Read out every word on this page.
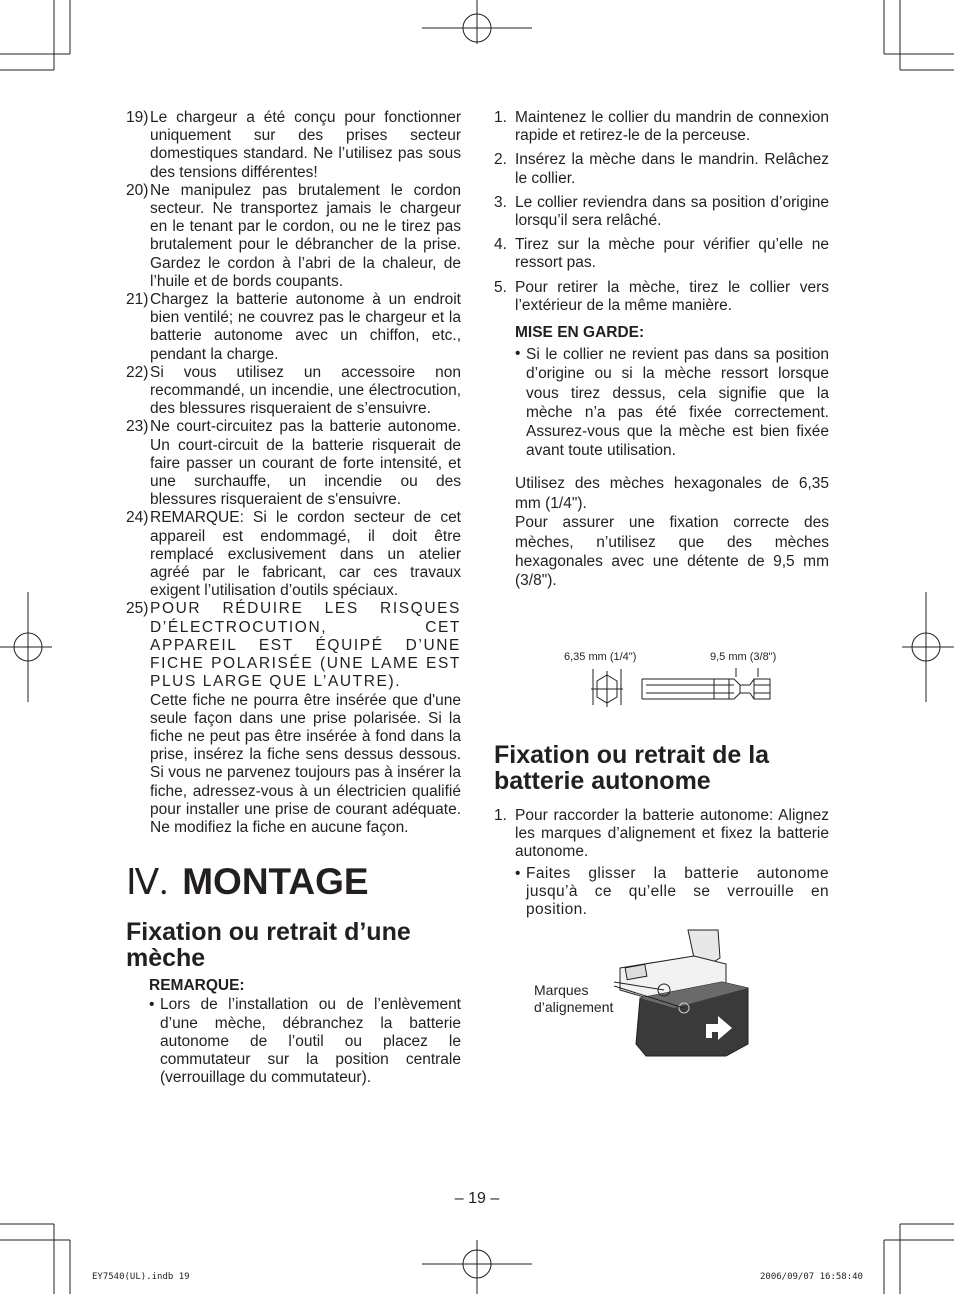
19) Le chargeur a été conçu pour fonctionner uniquement sur des prises secteur domestiques standard. Ne l’utilisez pas sous des tensions différentes!
20) Ne manipulez pas brutalement le cordon secteur. Ne transportez jamais le chargeur en le tenant par le cordon, ou ne le tirez pas brutalement pour le débrancher de la prise. Gardez le cordon à l’abri de la chaleur, de l’huile et de bords coupants.
21) Chargez la batterie autonome à un endroit bien ventilé; ne couvrez pas le chargeur et la batterie autonome avec un chiffon, etc., pendant la charge.
22) Si vous utilisez un accessoire non recommandé, un incendie, une électrocution, des blessures risqueraient de s’ensuivre.
23) Ne court-circuitez pas la batterie autonome. Un court-circuit de la batterie risquerait de faire passer un courant de forte intensité, et une surchauffe, un incendie ou des blessures risqueraient de s'ensuivre.
24) REMARQUE: Si le cordon secteur de cet appareil est endommagé, il doit être remplacé exclusivement dans un atelier agréé par le fabricant, car ces travaux exigent l’utilisation d’outils spéciaux.
25) POUR RÉDUIRE LES RISQUES D’ÉLECTROCUTION, CET APPAREIL EST ÉQUIPÉ D’UNE FICHE POLARISÉE (UNE LAME EST PLUS LARGE QUE L’AUTRE).
Cette fiche ne pourra être insérée que d'une seule façon dans une prise polarisée. Si la fiche ne peut pas être insérée à fond dans la prise, insérez la fiche sens dessus dessous. Si vous ne parvenez toujours pas à insérer la fiche, adressez-vous à un électricien qualifié pour installer une prise de courant adéquate. Ne modifiez la fiche en aucune façon.
Ⅳ. MONTAGE
Fixation ou retrait d’une mèche
REMARQUE:
• Lors de l’installation ou de l’enlèvement d’une mèche, débranchez la batterie autonome de l’outil ou placez le commutateur sur la position centrale (verrouillage du commutateur).
1. Maintenez le collier du mandrin de connexion rapide et retirez-le de la perceuse.
2. Insérez la mèche dans le mandrin. Relâchez le collier.
3. Le collier reviendra dans sa position d’origine lorsqu’il sera relâché.
4. Tirez sur la mèche pour vérifier qu’elle ne ressort pas.
5. Pour retirer la mèche, tirez le collier vers l’extérieur de la même manière.
MISE EN GARDE:
• Si le collier ne revient pas dans sa position d’origine ou si la mèche ressort lorsque vous tirez dessus, cela signifie que la mèche n’a pas été fixée correctement. Assurez-vous que la mèche est bien fixée avant toute utilisation.
Utilisez des mèches hexagonales de 6,35 mm (1/4").
Pour assurer une fixation correcte des mèches, n’utilisez que des mèches hexagonales avec une détente de 9,5 mm (3/8").
6,35 mm (1/4")	9,5 mm (3/8")
Fixation ou retrait de la batterie autonome
1. Pour raccorder la batterie autonome: Alignez les marques d’alignement et fixez la batterie autonome.
• Faites glisser la batterie autonome jusqu’à ce qu’elle se verrouille en position.
Marques d’alignement
– 19 –
EY7540(UL).indb 19	2006/09/07 16:58:40
